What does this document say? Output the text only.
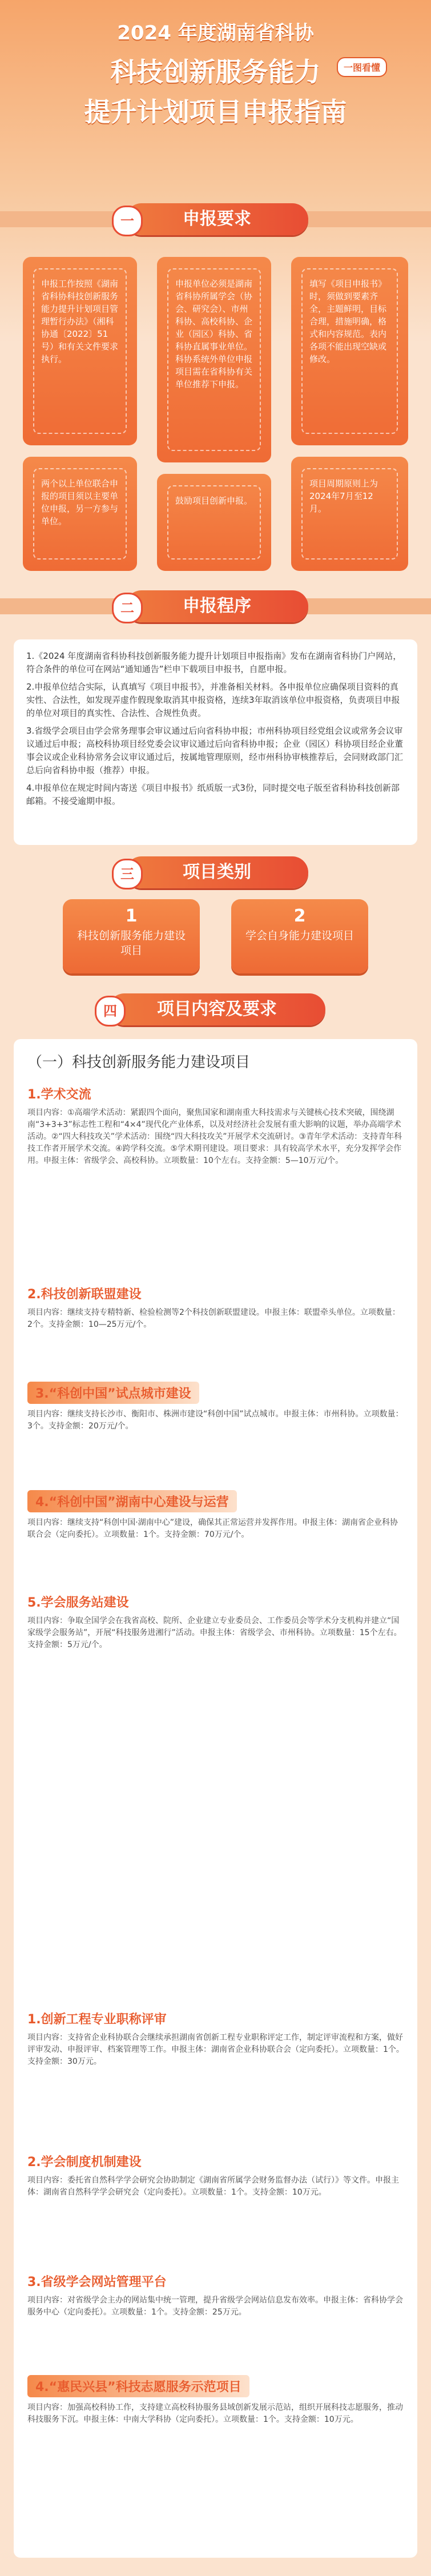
2024 年度湖南省科协
科技创新服务能力
提升计划项目申报指南
一图看懂
一	申报要求
申报工作按照《湖南省科协科技创新服务能力提升计划项目管理暂行办法》（湘科协通〔2022〕51号）和有关文件要求执行。
申报单位必须是湖南省科协所属学会（协会、研究会）、市州科协、高校科协、企业（园区）科协、省科协直属事业单位。科协系统外单位申报项目需在省科协有关单位推荐下申报。
填写《项目申报书》时，须做到要素齐全，主题鲜明，目标合理，措施明确，格式和内容规范。表内各项不能出现空缺或修改。
两个以上单位联合申报的项目须以主要单位申报，另一方参与单位。
鼓励项目创新申报。
项目周期原则上为2024年7月至12月。
二	申报程序

1.《2024 年度湖南省科协科技创新服务能力提升计划项目申报指南》发布在湖南省科协门户网站，符合条件的单位可在网站“通知通告”栏申下载项目申报书，自愿申报。

2.申报单位结合实际，认真填写《项目申报书》，并准备相关材料。各申报单位应确保项目资料的真实性、合法性，如发现弄虚作假现象取消其申报资格，连续3年取消该单位申报资格，负责项目申报的单位对项目的真实性、合法性、合规性负责。

3.省级学会项目由学会常务理事会审议通过后向省科协申报；市州科协项目经党组会议或常务会议审议通过后申报；高校科协项目经党委会议审议通过后向省科协申报；企业（园区）科协项目经企业董事会议或企业科协常务会议审议通过后，按属地管理原则，经市州科协审核推荐后，会同财政部门汇总后向省科协申报（推荐）申报。

4.申报单位在规定时间内寄送《项目申报书》纸质版一式3份，同时提交电子版至省科协科技创新部邮箱。不接受逾期申报。

三	项目类别
1
科技创新服务能力建设项目
2
学会自身能力建设项目
四	项目内容及要求
（一）科技创新服务能力建设项目

1.学术交流

项目内容：①高端学术活动：紧跟四个面向，聚焦国家和湖南重大科技需求与关键核心技术突破，围绕湖南“3+3+3”标志性工程和“4×4”现代化产业体系，以及对经济社会发展有重大影响的议题，举办高端学术活动。②“四大科技攻关”学术活动：围绕“四大科技攻关”开展学术交流研讨。③青年学术活动：支持青年科技工作者开展学术交流。④跨学科交流。⑤学术期刊建设。项目要求：具有较高学术水平，充分发挥学会作用。申报主体：省级学会、高校科协。立项数量：10个左右。支持金额：5—10万元/个。

2.科技创新联盟建设

项目内容：继续支持专精特新、检验检测等2个科技创新联盟建设。申报主体：联盟牵头单位。立项数量：2个。支持金额：10—25万元/个。

3.“科创中国”试点城市建设

项目内容：继续支持长沙市、衡阳市、株洲市建设“科创中国”试点城市。申报主体：市州科协。立项数量：3个。支持金额：20万元/个。

4.“科创中国”湖南中心建设与运营

项目内容：继续支持“科创中国·湖南中心”建设，确保其正常运营并发挥作用。申报主体：湖南省企业科协联合会（定向委托）。立项数量：1个。支持金额：70万元/个。

5.学会服务站建设

项目内容：争取全国学会在我省高校、院所、企业建立专业委员会、工作委员会等学术分支机构并建立“国家级学会服务站”，开展“科技服务进湘行”活动。申报主体：省级学会、市州科协。立项数量：15个左右。支持金额：5万元/个。

1.创新工程专业职称评审

项目内容：支持省企业科协联合会继续承担湖南省创新工程专业职称评定工作，制定评审流程和方案，做好评审发动、申报评审、档案管理等工作。申报主体：湖南省企业科协联合会（定向委托）。立项数量：1个。支持金额：30万元。

2.学会制度机制建设

项目内容：委托省自然科学学会研究会协助制定《湖南省所属学会财务监督办法（试行）》等文件。申报主体：湖南省自然科学学会研究会（定向委托）。立项数量：1个。支持金额：10万元。

3.省级学会网站管理平台

项目内容：对省级学会主办的网站集中统一管理，提升省级学会网站信息发布效率。申报主体：省科协学会服务中心（定向委托）。立项数量：1个。支持金额：25万元。

4.“惠民兴县”科技志愿服务示范项目

项目内容：加强高校科协工作，支持建立高校科协服务县域创新发展示范站，组织开展科技志愿服务，推动科技服务下沉。申报主体：中南大学科协（定向委托）。立项数量：1个。支持金额：10万元。
